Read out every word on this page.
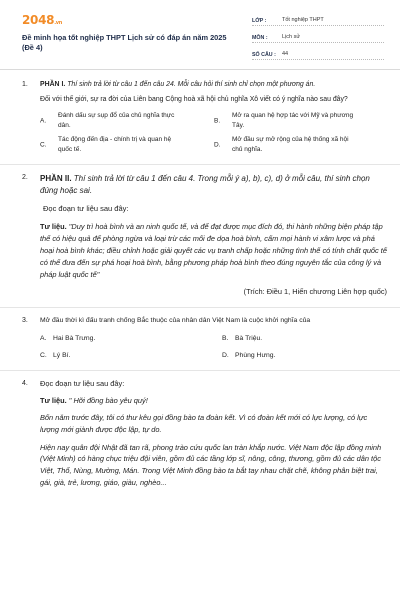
2048.vn
Đề minh họa tốt nghiệp THPT Lịch sử có đáp án năm 2025 (Đề 4)
LỚP :	Tốt nghiệp THPT
MÔN :	Lịch sử
SỐ CÂU :	44
1. PHẦN I. Thí sinh trả lời từ câu 1 đến câu 24. Mỗi câu hỏi thí sinh chỉ chọn một phương án.
Đối với thế giới, sự ra đời của Liên bang Cộng hoà xã hội chủ nghĩa Xô viết có ý nghĩa nào sau đây?
A.
Đánh dấu sự sụp đổ của chủ nghĩa thực dân.
B.
Mở ra quan hệ hợp tác với Mỹ và phương Tây.
C.
Tác động đến địa - chính trị và quan hệ quốc tế.
D.
Mở đầu sự mở rộng của hệ thống xã hội chủ nghĩa.
2. PHẦN II. Thí sinh trả lời từ câu 1 đến câu 4. Trong mỗi ý a), b), c), d) ở mỗi câu, thí sinh chọn đúng hoặc sai.
Đọc đoạn tư liệu sau đây:
Tư liệu. "Duy trì hoà bình và an ninh quốc tế, và để đạt được mục đích đó, thi hành những biện pháp tập thể có hiệu quả để phòng ngừa và loại trừ các mối đe dọa hoà bình, cấm mọi hành vi xâm lược và phá hoại hoà bình khác; điều chỉnh hoặc giải quyết các vụ tranh chấp hoặc những tình thế có tính chất quốc tế có thể đưa đến sự phá hoại hoà bình, bằng phương pháp hoà bình theo đúng nguyên tắc của công lý và pháp luật quốc tế"
(Trích: Điều 1, Hiến chương Liên hợp quốc)
3. Mở đầu thời kì đấu tranh chống Bắc thuộc của nhân dân Việt Nam là cuộc khởi nghĩa của
A. Hai Bà Trưng.	B. Bà Triệu.
C. Lý Bí.	D. Phùng Hưng.
4. Đọc đoạn tư liệu sau đây:
Tư liệu. " Hỡi đồng bào yêu quý!
Bốn năm trước đây, tôi có thư kêu gọi đồng bào ta đoàn kết. Vì có đoàn kết mới có lực lượng, có lực lượng mới giành được độc lập, tự do.
Hiện nay quân đội Nhật đã tan rã, phong trào cứu quốc lan tràn khắp nước. Việt Nam độc lập đồng minh (Việt Minh) có hàng chục triệu đội viên, gồm đủ các tầng lớp sĩ, nông, công, thương, gồm đủ các dân tộc Việt, Thổ, Nùng, Mường, Mán. Trong Việt Minh đồng bào ta bắt tay nhau chặt chẽ, không phân biệt trai, gái, già, trẻ, lương, giáo, giàu, nghèo...
